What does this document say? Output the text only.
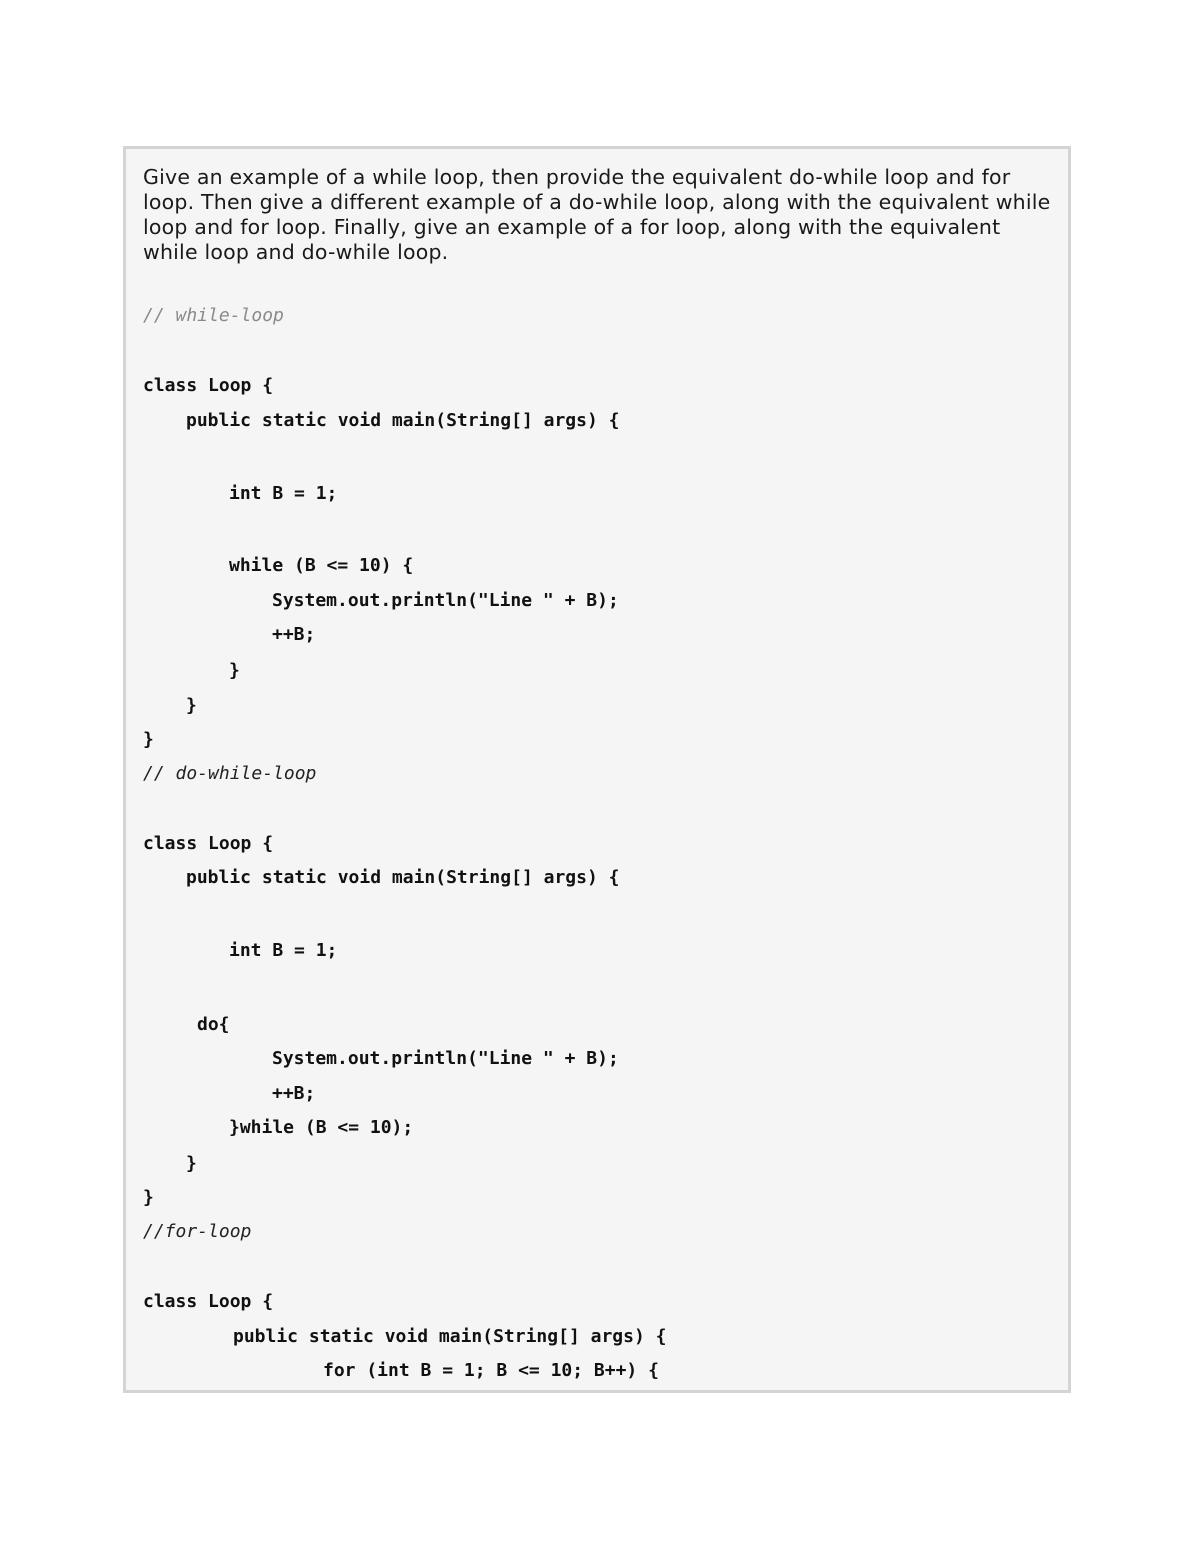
Give an example of a while loop, then provide the equivalent do-while loop and for loop. Then give a different example of a do-while loop, along with the equivalent while loop and for loop. Finally, give an example of a for loop, along with the equivalent while loop and do-while loop.

// while-loop
class Loop {
public static void main(String[] args) {
int B = 1;
while (B <= 10) {
System.out.println("Line " + B);
++B;
}
}
}
// do-while-loop
class Loop {
public static void main(String[] args) {
int B = 1;
do{
System.out.println("Line " + B);
++B;
}while (B <= 10);
}
}
//for-loop
class Loop {
public static void main(String[] args) {
for (int B = 1; B <= 10; B++) {
